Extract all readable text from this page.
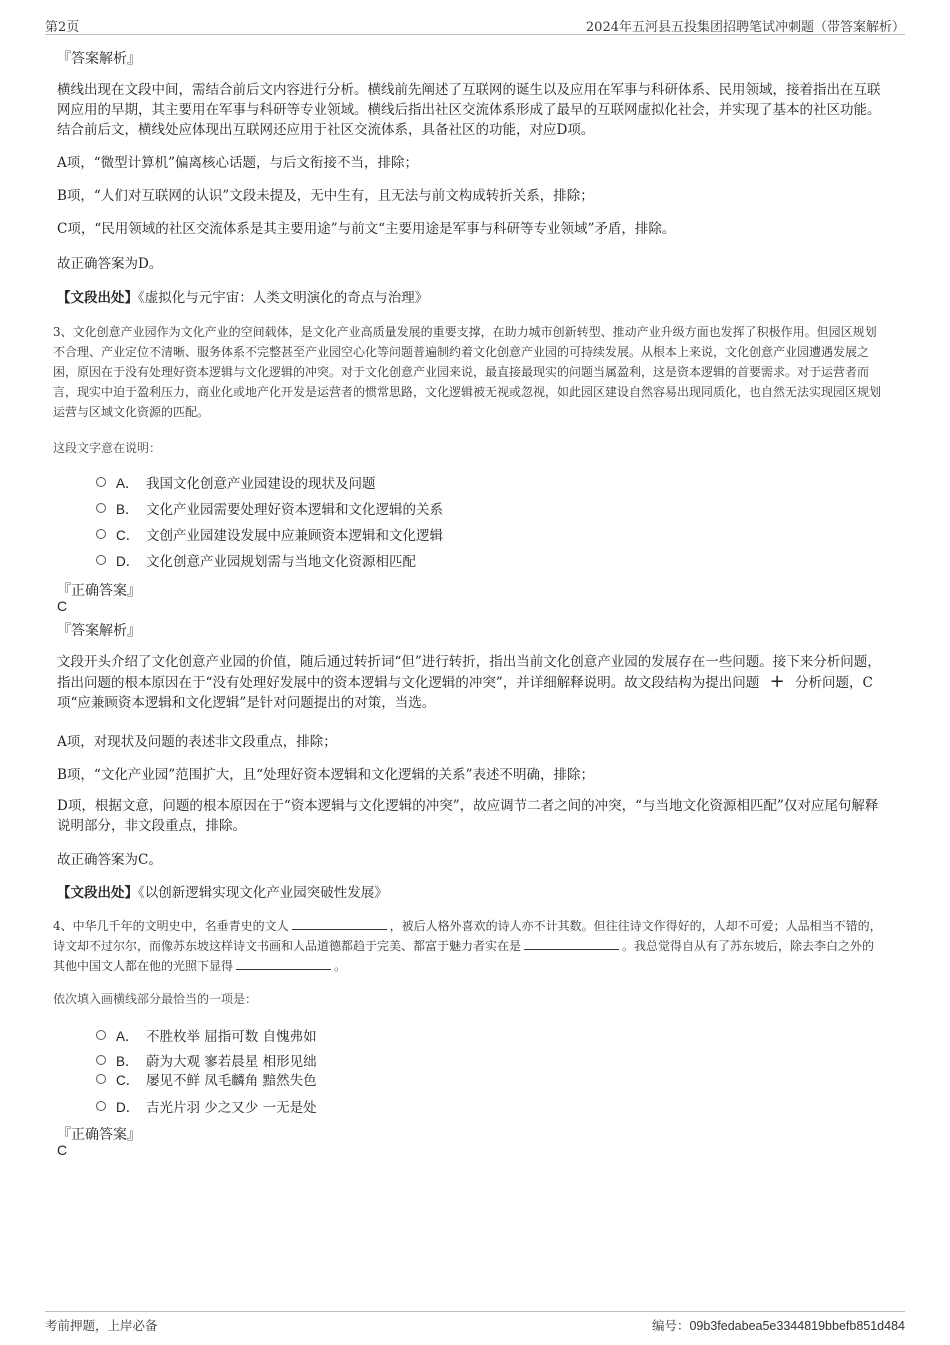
第2页	2024年五河县五投集团招聘笔试冲刺题（带答案解析）
『答案解析』
横线出现在文段中间，需结合前后文内容进行分析。横线前先阐述了互联网的诞生以及应用在军事与科研体系、民用领域，接着指出在互联网应用的早期，其主要用在军事与科研等专业领域。横线后指出社区交流体系形成了最早的互联网虚拟化社会，并实现了基本的社区功能。结合前后文，横线处应体现出互联网还应用于社区交流体系，具备社区的功能，对应D项。
A项，“微型计算机”偏离核心话题，与后文衔接不当，排除；
B项，“人们对互联网的认识”文段未提及，无中生有，且无法与前文构成转折关系，排除；
C项，“民用领域的社区交流体系是其主要用途”与前文“主要用途是军事与科研等专业领域”矛盾，排除。
故正确答案为D。
【文段出处】《虚拟化与元宇宙：人类文明演化的奇点与治理》
3、文化创意产业园作为文化产业的空间载体，是文化产业高质量发展的重要支撑，在助力城市创新转型、推动产业升级方面也发挥了积极作用。但园区规划不合理、产业定位不清晰、服务体系不完整甚至产业园空心化等问题普遍制约着文化创意产业园的可持续发展。从根本上来说，文化创意产业园遭遇发展之困，原因在于没有处理好资本逻辑与文化逻辑的冲突。对于文化创意产业园来说，最直接最现实的问题当属盈利，这是资本逻辑的首要需求。对于运营者而言，现实中迫于盈利压力，商业化或地产化开发是运营者的惯常思路，文化逻辑被无视或忽视，如此园区建设自然容易出现同质化，也自然无法实现园区规划运营与区域文化资源的匹配。
这段文字意在说明：
A． 我国文化创意产业园建设的现状及问题
B． 文化产业园需要处理好资本逻辑和文化逻辑的关系
C． 文创产业园建设发展中应兼顾资本逻辑和文化逻辑
D． 文化创意产业园规划需与当地文化资源相匹配
『正确答案』
C
『答案解析』
文段开头介绍了文化创意产业园的价值，随后通过转折词“但”进行转折，指出当前文化创意产业园的发展存在一些问题。接下来分析问题，指出问题的根本原因在于“没有处理好发展中的资本逻辑与文化逻辑的冲突”，并详细解释说明。故文段结构为提出问题 + 分析问题，C项“应兼顾资本逻辑和文化逻辑”是针对问题提出的对策，当选。
A项，对现状及问题的表述非文段重点，排除；
B项，“文化产业园”范围扩大，且“处理好资本逻辑和文化逻辑的关系”表述不明确，排除；
D项，根据文意，问题的根本原因在于“资本逻辑与文化逻辑的冲突”，故应调节二者之间的冲突，“与当地文化资源相匹配”仅对应尾句解释说明部分，非文段重点，排除。
故正确答案为C。
【文段出处】《以创新逻辑实现文化产业园突破性发展》
4、中华几千年的文明史中，名垂青史的文人	，被后人格外喜欢的诗人亦不计其数。但往往诗文作得好的，人却不可爱；人品相当不错的，诗文却不过尔尔，而像苏东坡这样诗文书画和人品道德都趋于完美、都富于魅力者实在是	。我总觉得自从有了苏东坡后，除去李白之外的其他中国文人都在他的光照下显得	。
依次填入画横线部分最恰当的一项是：
A． 不胜枚举 屈指可数 自愧弗如
B． 蔚为大观 寥若晨星 相形见绌
C． 屡见不鲜 凤毛麟角 黯然失色
D． 吉光片羽 少之又少 一无是处
『正确答案』
C
考前押题，上岸必备	编号：09b3fedabea5e3344819bbefb851d484
